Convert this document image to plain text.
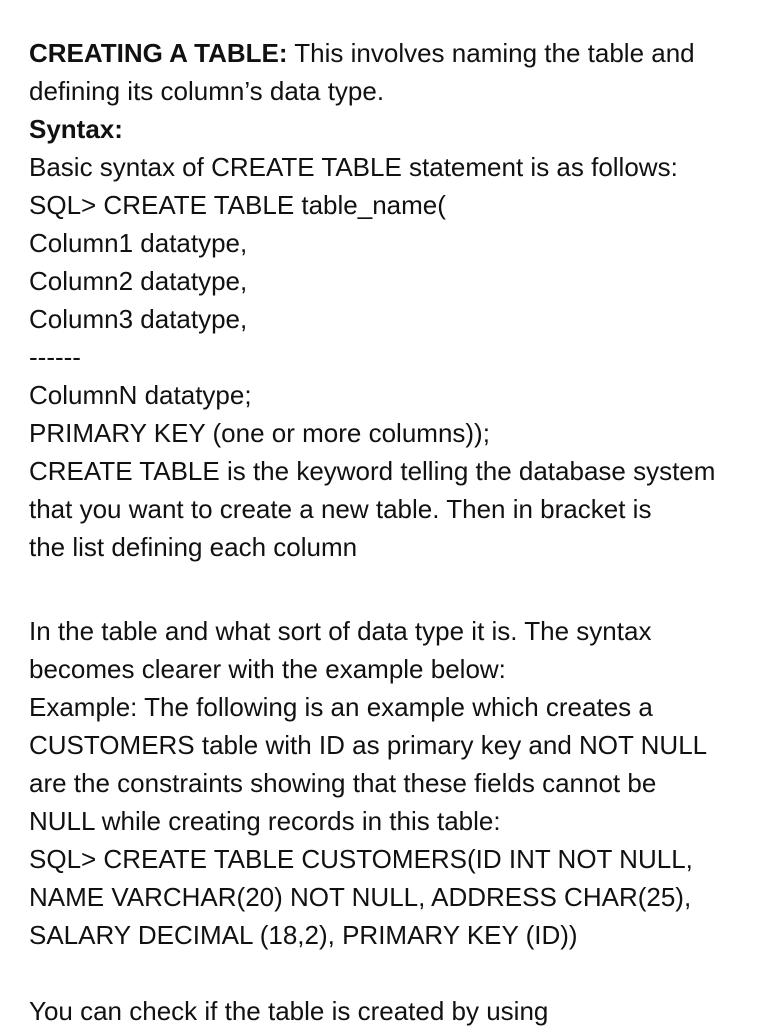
CREATING A TABLE: This involves naming the table and
defining its column’s data type.
Syntax:
Basic syntax of CREATE TABLE statement is as follows:
SQL> CREATE TABLE table_name(
Column1 datatype,
Column2 datatype,
Column3 datatype,
------
ColumnN datatype;
PRIMARY KEY (one or more columns));
CREATE TABLE is the keyword telling the database system
that you want to create a new table. Then in bracket is
the list defining each column
In the table and what sort of data type it is. The syntax
becomes clearer with the example below:
Example: The following is an example which creates a
CUSTOMERS table with ID as primary key and NOT NULL
are the constraints showing that these fields cannot be
NULL while creating records in this table:
SQL> CREATE TABLE CUSTOMERS(ID INT NOT NULL,
NAME VARCHAR(20) NOT NULL, ADDRESS CHAR(25),
SALARY DECIMAL (18,2), PRIMARY KEY (ID))
You can check if the table is created by using
